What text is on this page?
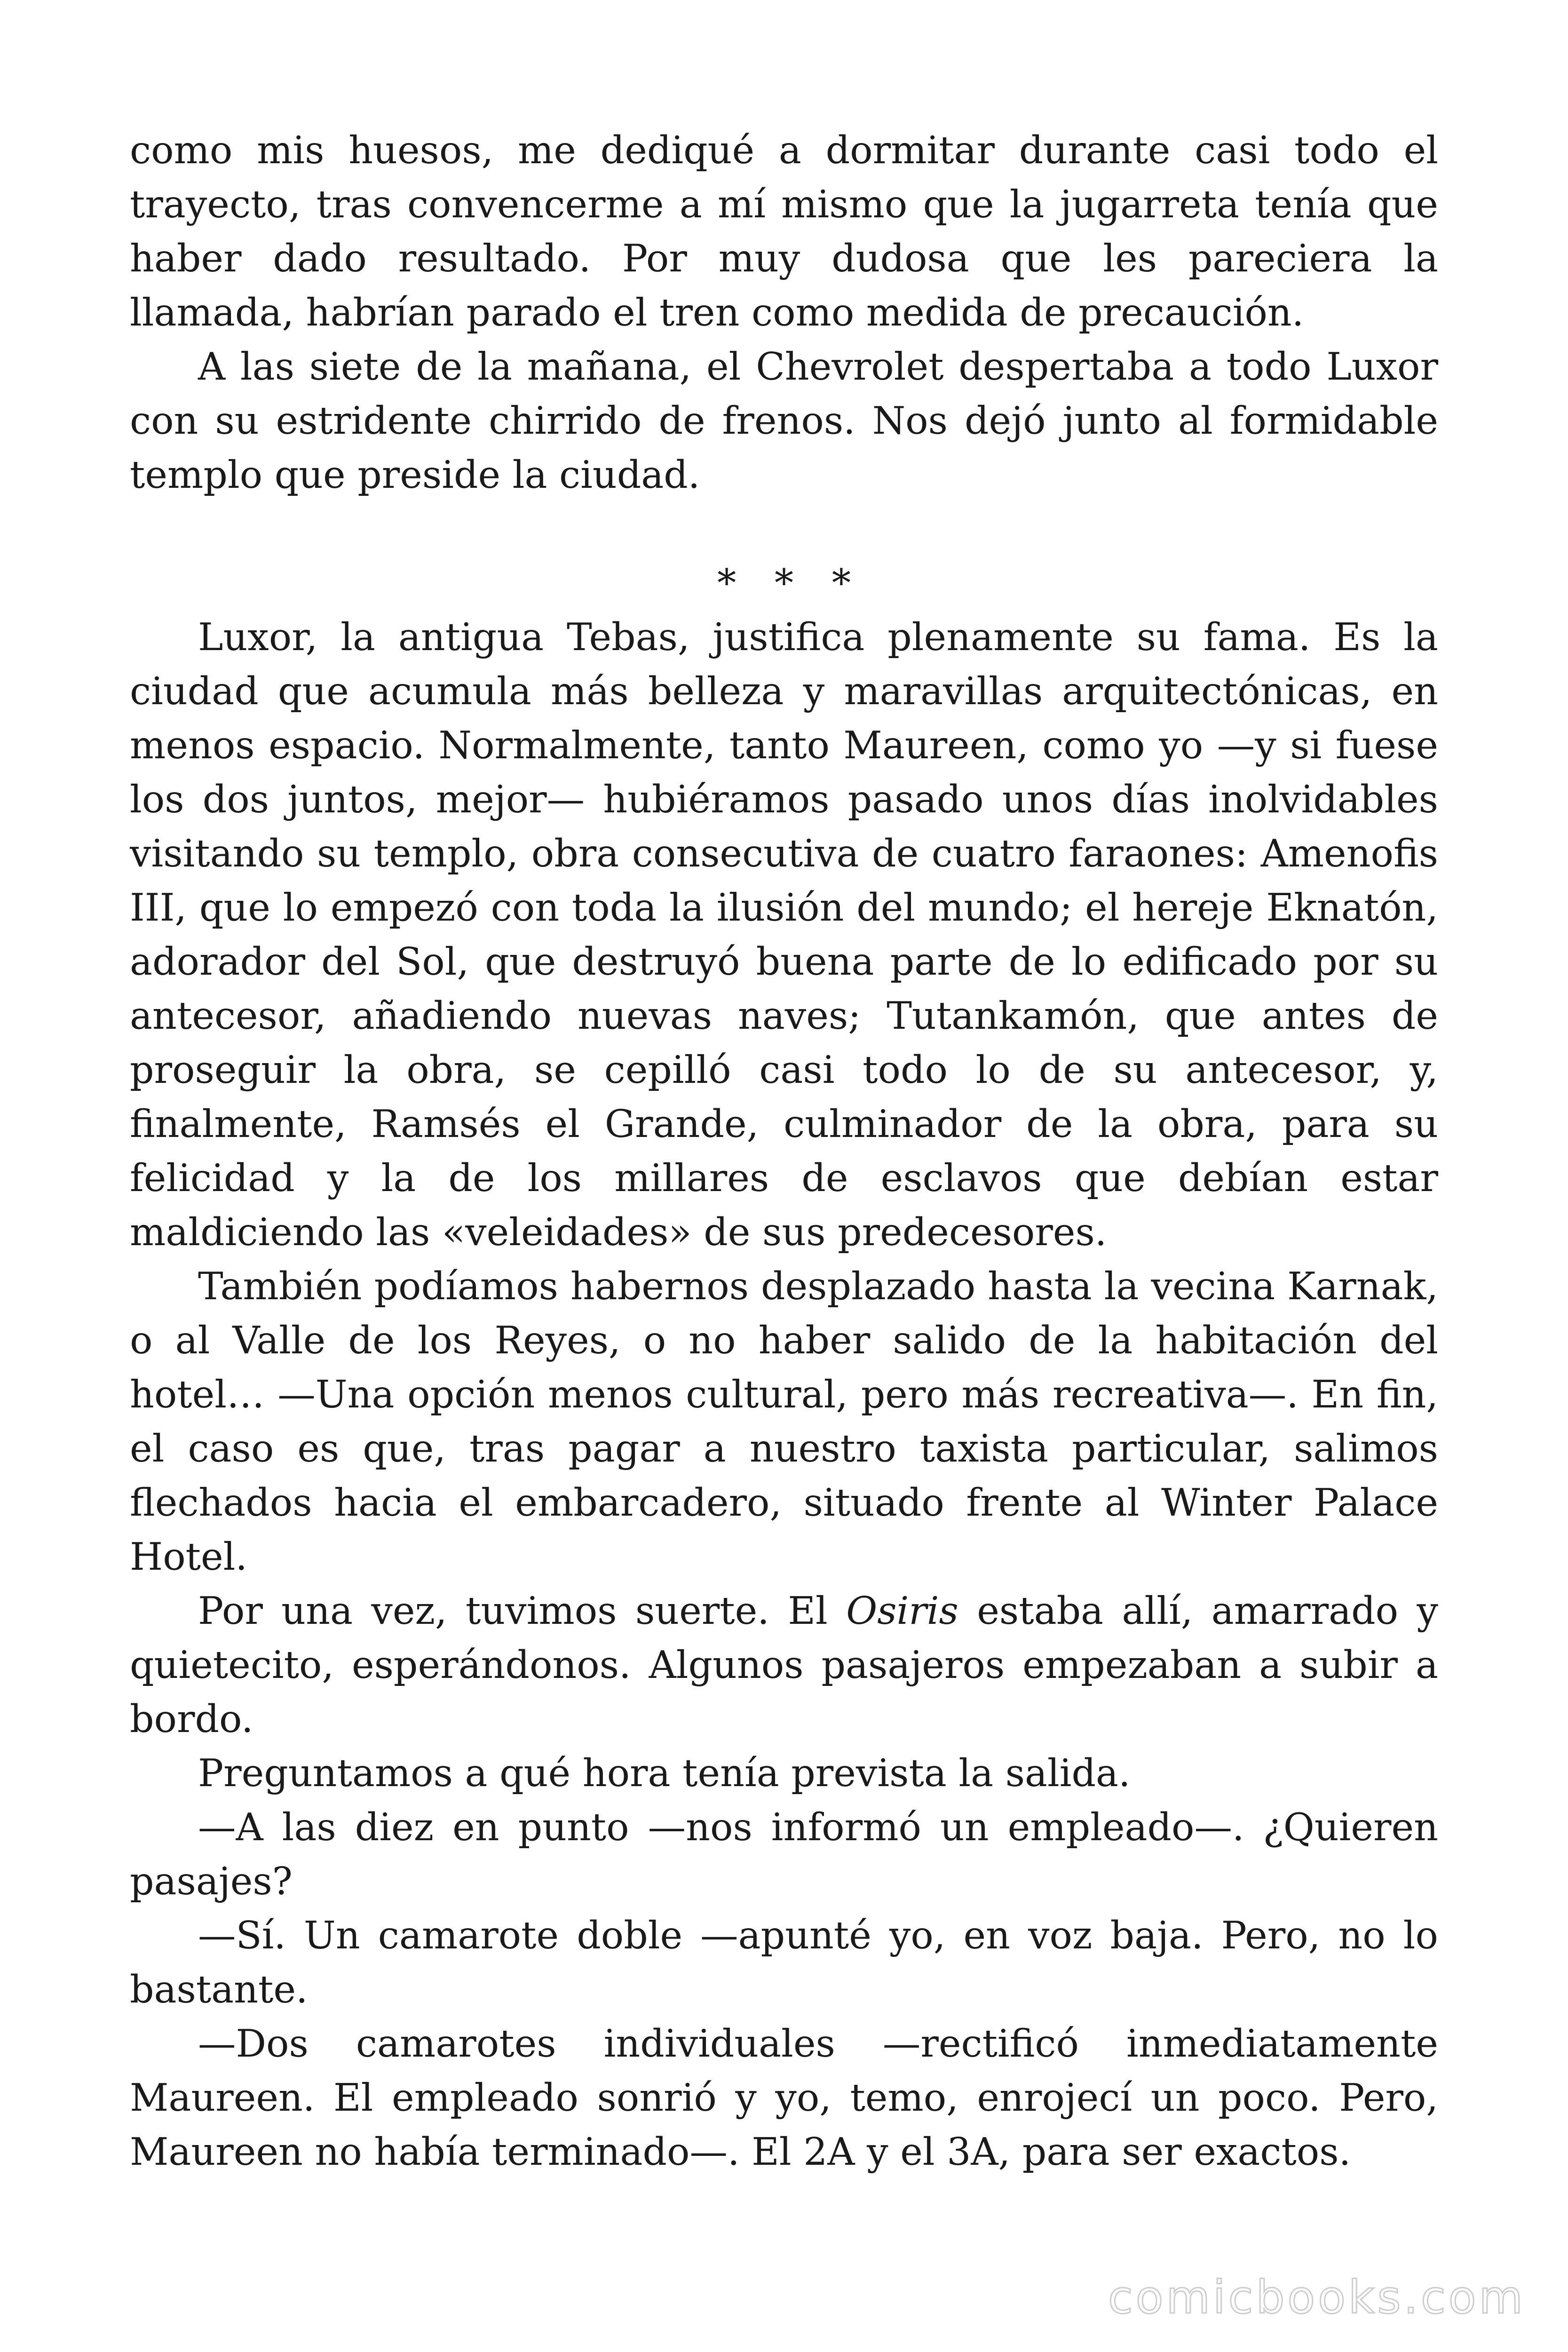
como mis huesos, me dediqué a dormitar durante casi todo el trayecto, tras convencerme a mí mismo que la jugarreta tenía que haber dado resultado. Por muy dudosa que les pareciera la llamada, habrían parado el tren como medida de precaución.

A las siete de la mañana, el Chevrolet despertaba a todo Luxor con su estridente chirrido de frenos. Nos dejó junto al formidable templo que preside la ciudad.

* * *

Luxor, la antigua Tebas, justifica plenamente su fama. Es la ciudad que acumula más belleza y maravillas arquitectónicas, en menos espacio. Normalmente, tanto Maureen, como yo —y si fuese los dos juntos, mejor— hubiéramos pasado unos días inolvidables visitando su templo, obra consecutiva de cuatro faraones: Amenofis III, que lo empezó con toda la ilusión del mundo; el hereje Eknatón, adorador del Sol, que destruyó buena parte de lo edificado por su antecesor, añadiendo nuevas naves; Tutankamón, que antes de proseguir la obra, se cepilló casi todo lo de su antecesor, y, finalmente, Ramsés el Grande, culminador de la obra, para su felicidad y la de los millares de esclavos que debían estar maldiciendo las «veleidades» de sus predecesores.

También podíamos habernos desplazado hasta la vecina Karnak, o al Valle de los Reyes, o no haber salido de la habitación del hotel… —Una opción menos cultural, pero más recreativa—. En fin, el caso es que, tras pagar a nuestro taxista particular, salimos flechados hacia el embarcadero, situado frente al Winter Palace Hotel.

Por una vez, tuvimos suerte. El Osiris estaba allí, amarrado y quietecito, esperándonos. Algunos pasajeros empezaban a subir a bordo.

Preguntamos a qué hora tenía prevista la salida.

—A las diez en punto —nos informó un empleado—. ¿Quieren pasajes?

—Sí. Un camarote doble —apunté yo, en voz baja. Pero, no lo bastante.

—Dos camarotes individuales —rectificó inmediatamente Maureen. El empleado sonrió y yo, temo, enrojecí un poco. Pero, Maureen no había terminado—. El 2A y el 3A, para ser exactos.

comicbooks.com
